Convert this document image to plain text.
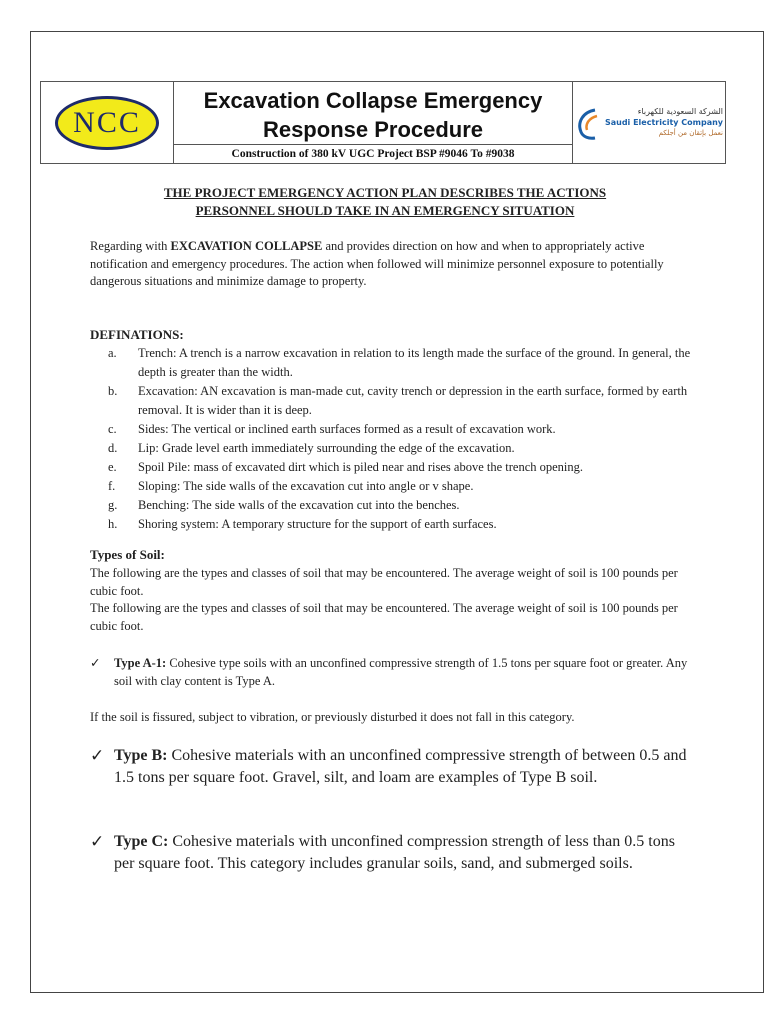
NCC
Excavation Collapse Emergency
Response Procedure
Construction of 380 kV UGC Project BSP #9046 To #9038
الشركة السعودية للكهرباء
Saudi Electricity Company
نعمل بإتقان من أجلكم
THE PROJECT EMERGENCY ACTION PLAN DESCRIBES THE ACTIONS
PERSONNEL SHOULD TAKE IN AN EMERGENCY SITUATION
Regarding with EXCAVATION COLLAPSE and provides direction on how and when to appropriately active notification and emergency procedures. The action when followed will minimize personnel exposure to potentially dangerous situations and minimize damage to property.
DEFINATIONS:
a.	Trench: A trench is a narrow excavation in relation to its length made the surface of the ground. In general, the depth is greater than the width.
b.	Excavation: AN excavation is man-made cut, cavity trench or depression in the earth surface, formed by earth removal. It is wider than it is deep.
c.	Sides: The vertical or inclined earth surfaces formed as a result of excavation work.
d.	Lip: Grade level earth immediately surrounding the edge of the excavation.
e.	Spoil Pile: mass of excavated dirt which is piled near and rises above the trench opening.
f.	Sloping: The side walls of the excavation cut into angle or v shape.
g.	Benching: The side walls of the excavation cut into the benches.
h.	Shoring system: A temporary structure for the support of earth surfaces.
Types of Soil:
The following are the types and classes of soil that may be encountered. The average weight of soil is 100 pounds per cubic foot.
The following are the types and classes of soil that may be encountered. The average weight of soil is 100 pounds per cubic foot.
✓	Type A-1: Cohesive type soils with an unconfined compressive strength of 1.5 tons per square foot or greater. Any soil with clay content is Type A.
If the soil is fissured, subject to vibration, or previously disturbed it does not fall in this category.
✓ Type B: Cohesive materials with an unconfined compressive strength of between 0.5 and 1.5 tons per square foot. Gravel, silt, and loam are examples of Type B soil.
✓ Type C: Cohesive materials with unconfined compression strength of less than 0.5 tons per square foot. This category includes granular soils, sand, and submerged soils.
